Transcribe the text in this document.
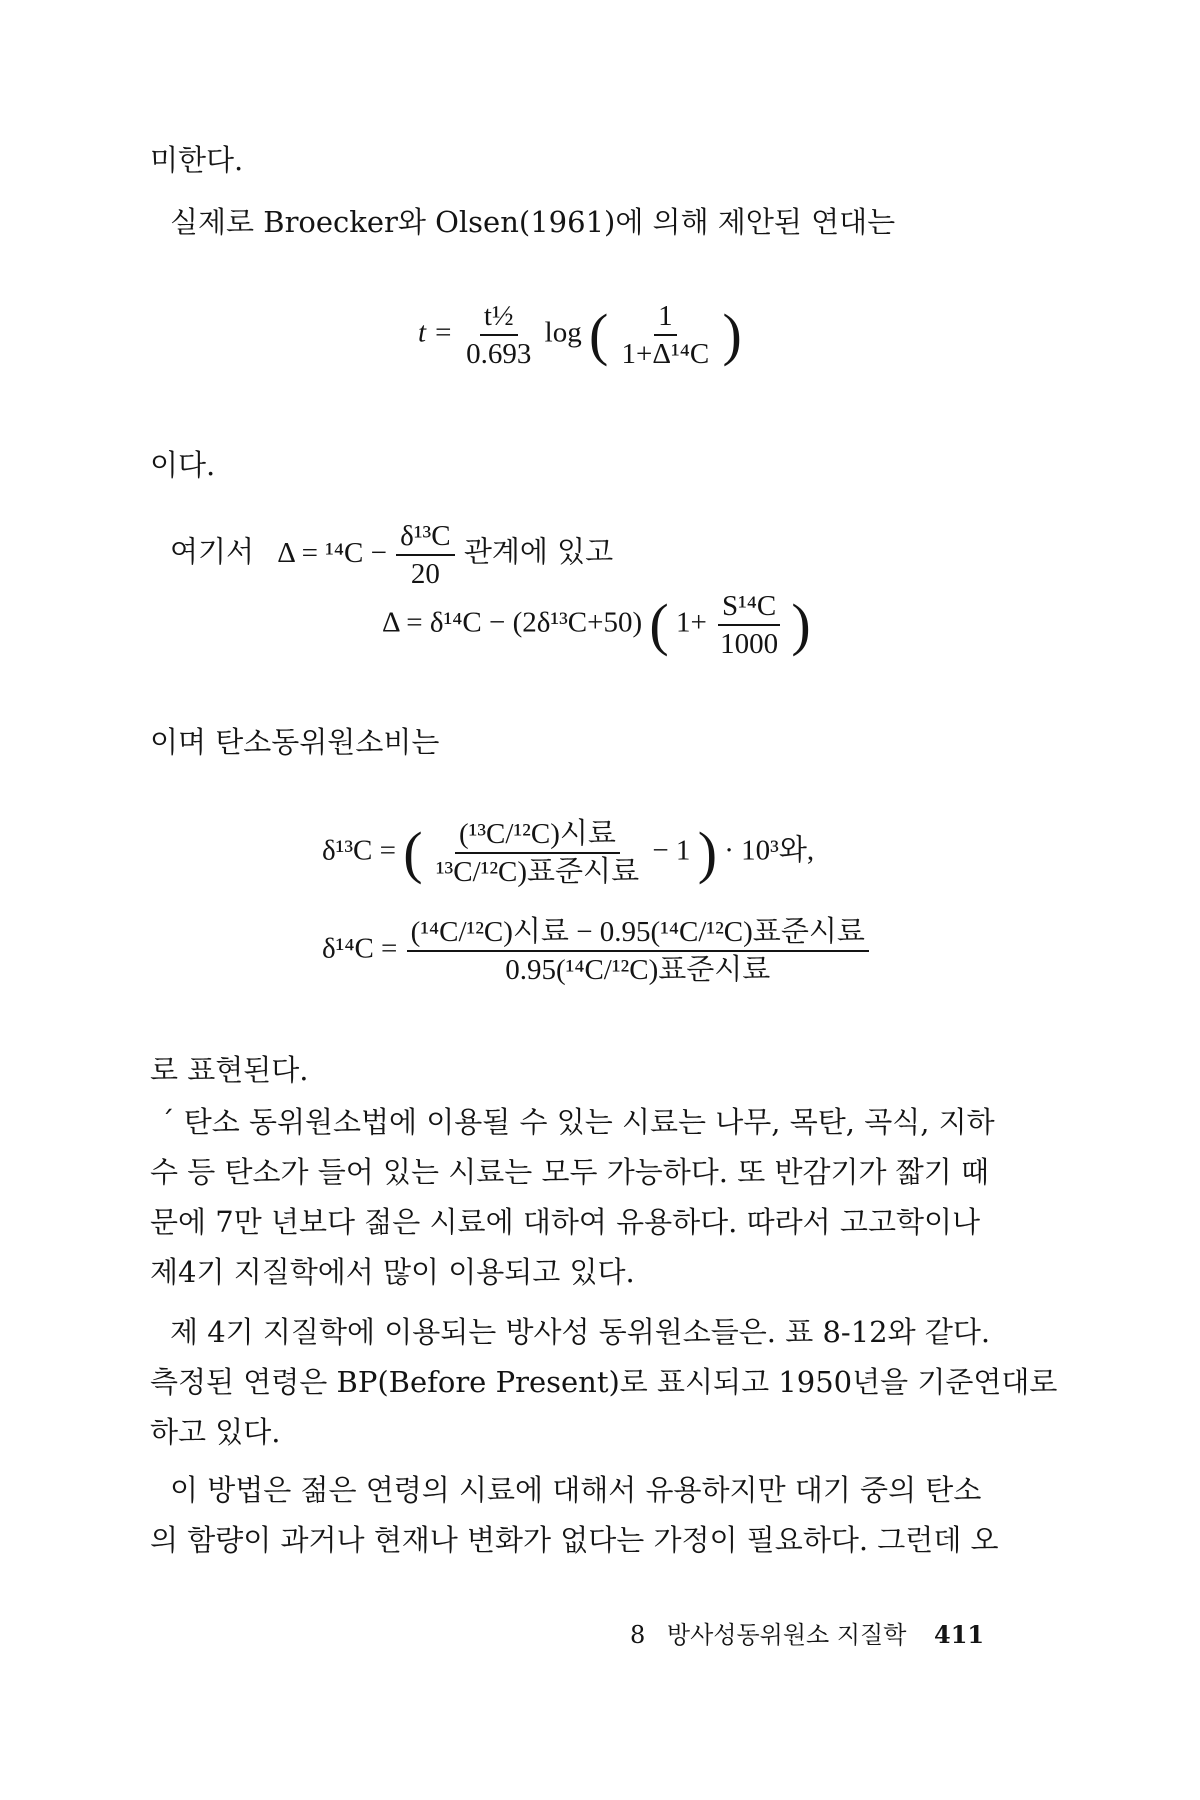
미한다.
실제로 Broecker와 Olsen(1961)에 의해 제안된 연대는
$t = \frac{\text{t½}}{0.693}$ log ( $\frac{1}{\text{1+Δ¹⁴C}}$ )
이다.
여기서 $\Delta = ^{14}C - \frac{\text{δ¹³C}}{20}$ 관계에 있고
Δ = δ¹⁴C − (2δ¹³C+50) ( $1+ \frac{\text{S¹⁴C}}{1000}$ )
이며 탄소동위원소비는
δ¹³C = ( $\frac{\text{(¹³C/¹²C)시료}}{\text{¹³C/¹²C)표준시료}} - 1$ ) · 10³와,
$\delta^{14}C = \frac{\text{(¹⁴C/¹²C)시료 − 0.95(¹⁴C/¹²C)표준시료}}{\text{0.95(¹⁴C/¹²C)표준시료}}$
로 표현된다.
´ 탄소 동위원소법에 이용될 수 있는 시료는 나무, 목탄, 곡식, 지하
수 등 탄소가 들어 있는 시료는 모두 가능하다. 또 반감기가 짧기 때
문에 7만 년보다 젊은 시료에 대하여 유용하다. 따라서 고고학이나
제4기 지질학에서 많이 이용되고 있다.
제 4기 지질학에 이용되는 방사성 동위원소들은. 표 8-12와 같다.
측정된 연령은 BP(Before Present)로 표시되고 1950년을 기준연대로
하고 있다.
이 방법은 젊은 연령의 시료에 대해서 유용하지만 대기 중의 탄소
의 함량이 과거나 현재나 변화가 없다는 가정이 필요하다. 그런데 오
8 방사성동위원소 지질학 411
